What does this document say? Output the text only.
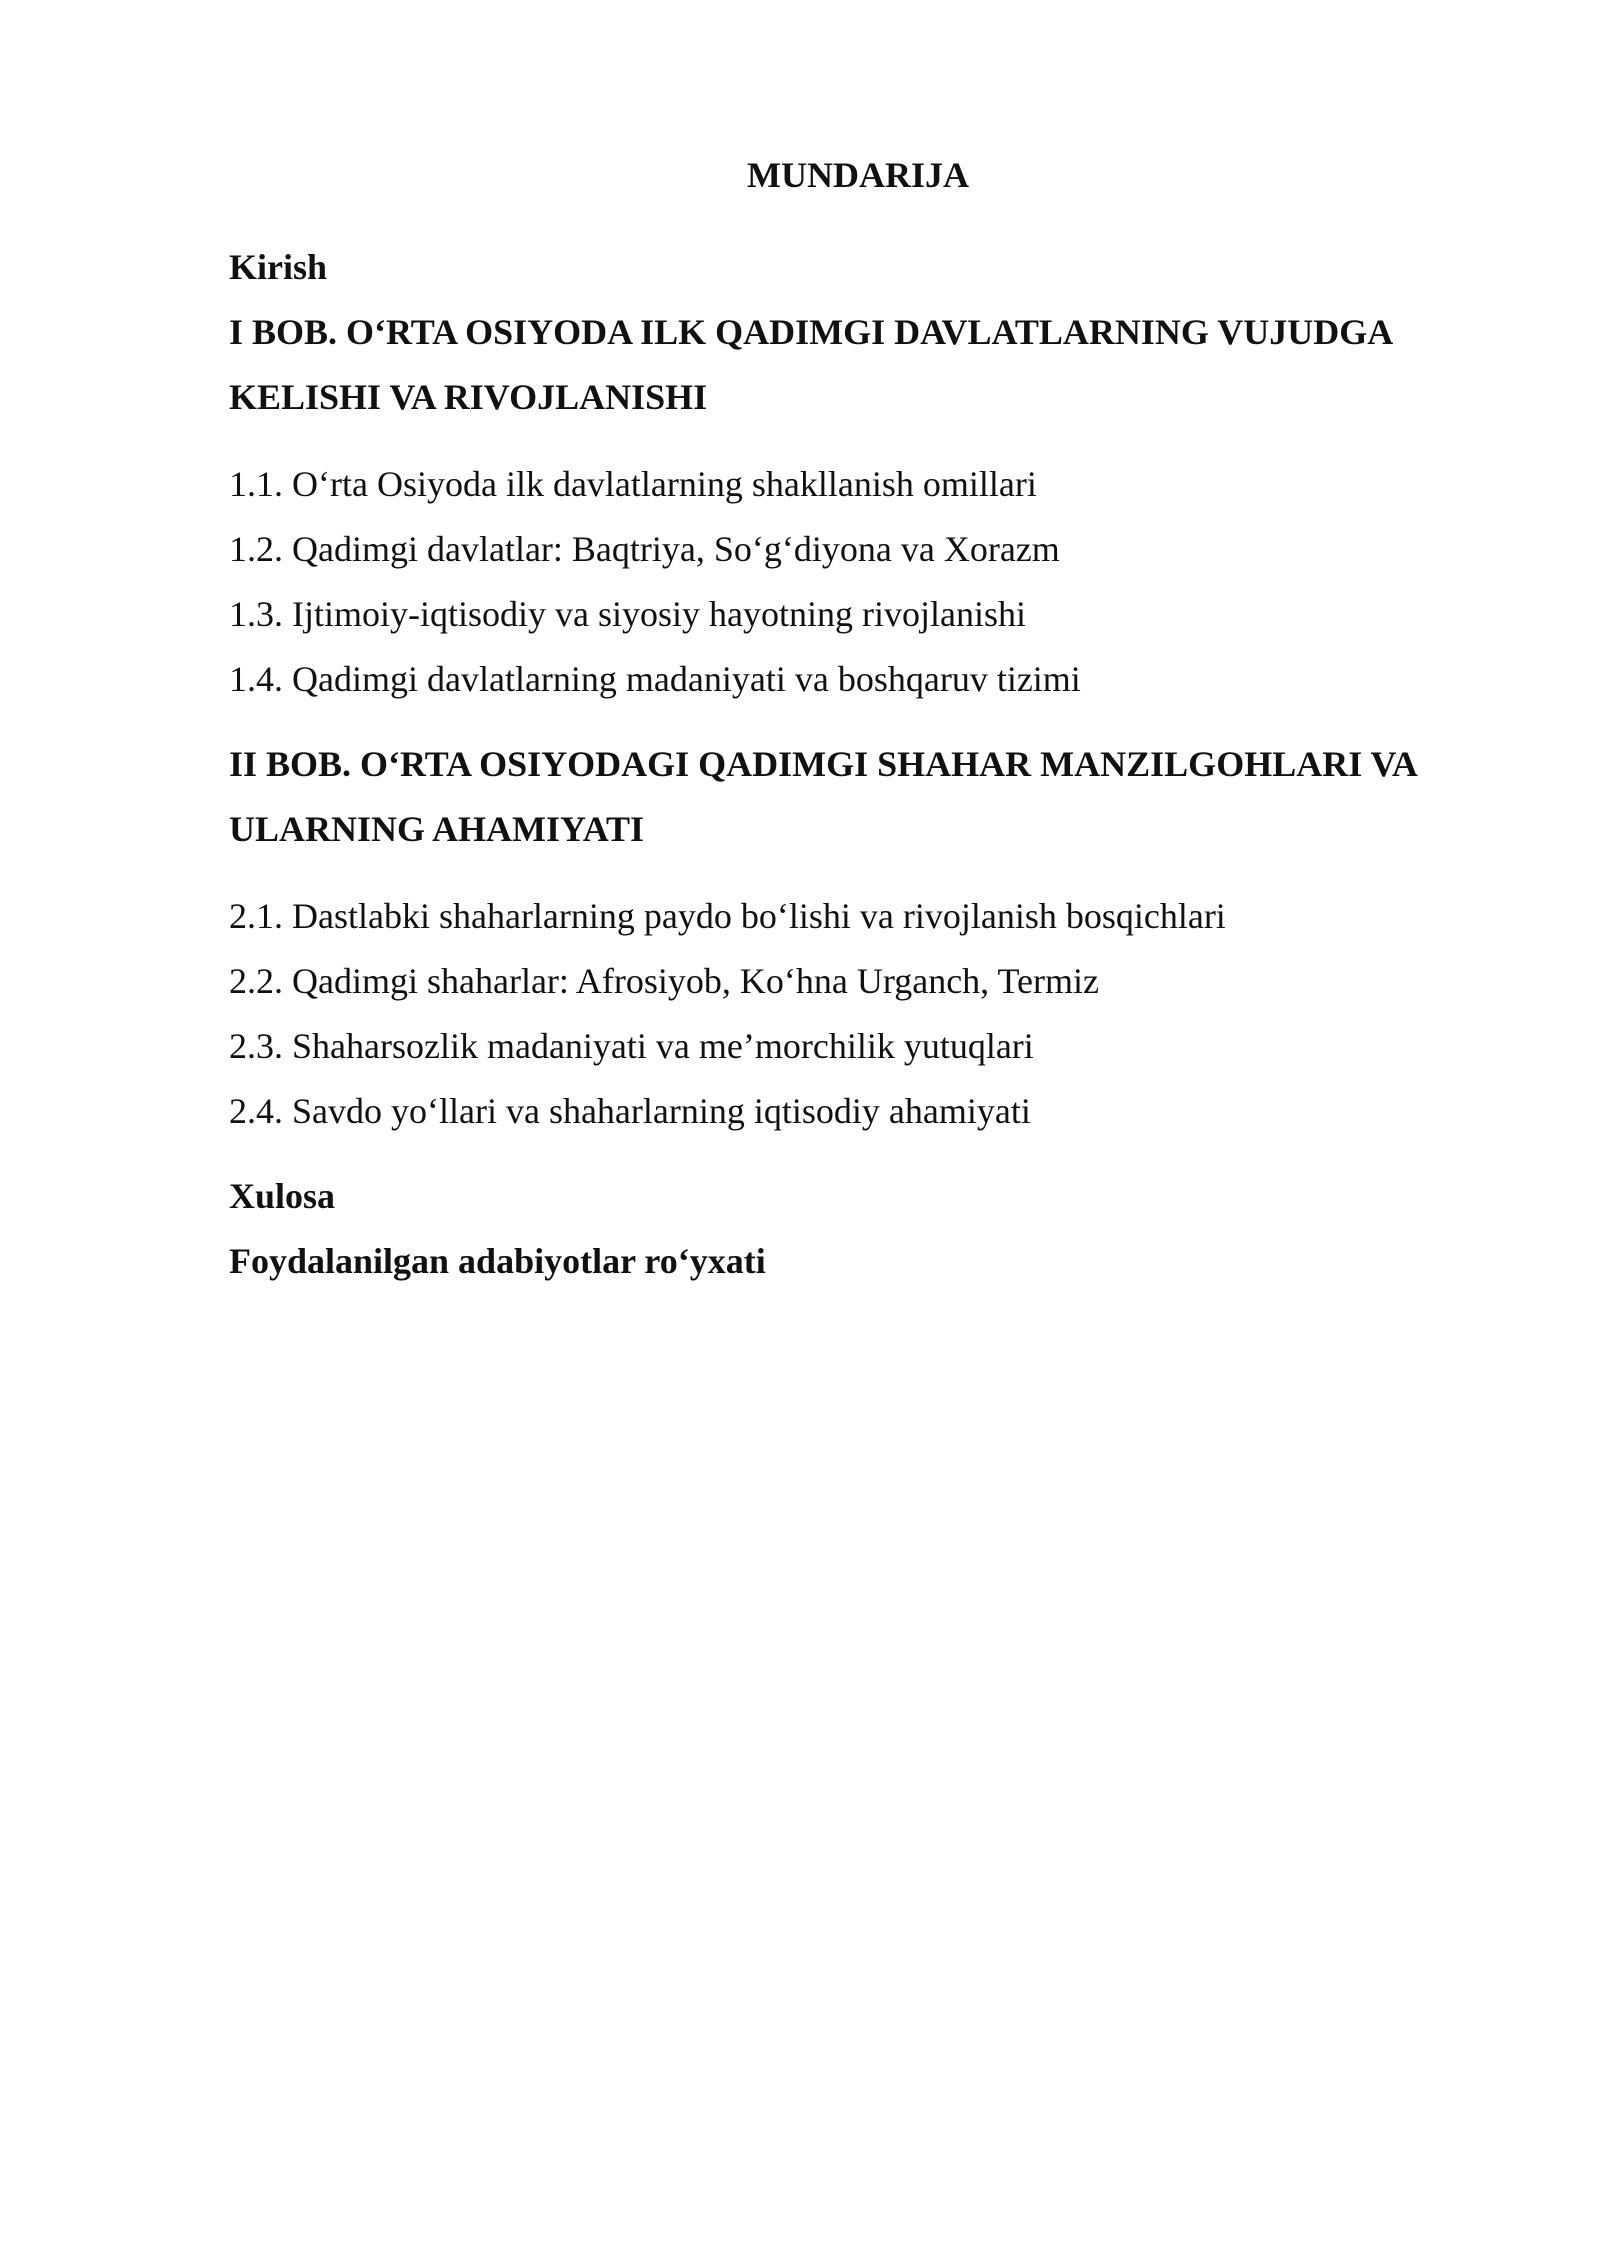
MUNDARIJA

Kirish

I BOB. O‘RTA OSIYODA ILK QADIMGI DAVLATLARNING VUJUDGA

KELISHI VA RIVOJLANISHI

1.1. O‘rta Osiyoda ilk davlatlarning shakllanish omillari

1.2. Qadimgi davlatlar: Baqtriya, So‘g‘diyona va Xorazm

1.3. Ijtimoiy-iqtisodiy va siyosiy hayotning rivojlanishi

1.4. Qadimgi davlatlarning madaniyati va boshqaruv tizimi

II BOB. O‘RTA OSIYODAGI QADIMGI SHAHAR MANZILGOHLARI VA

ULARNING AHAMIYATI

2.1. Dastlabki shaharlarning paydo bo‘lishi va rivojlanish bosqichlari

2.2. Qadimgi shaharlar: Afrosiyob, Ko‘hna Urganch, Termiz

2.3. Shaharsozlik madaniyati va me’morchilik yutuqlari

2.4. Savdo yo‘llari va shaharlarning iqtisodiy ahamiyati

Xulosa

Foydalanilgan adabiyotlar ro‘yxati
